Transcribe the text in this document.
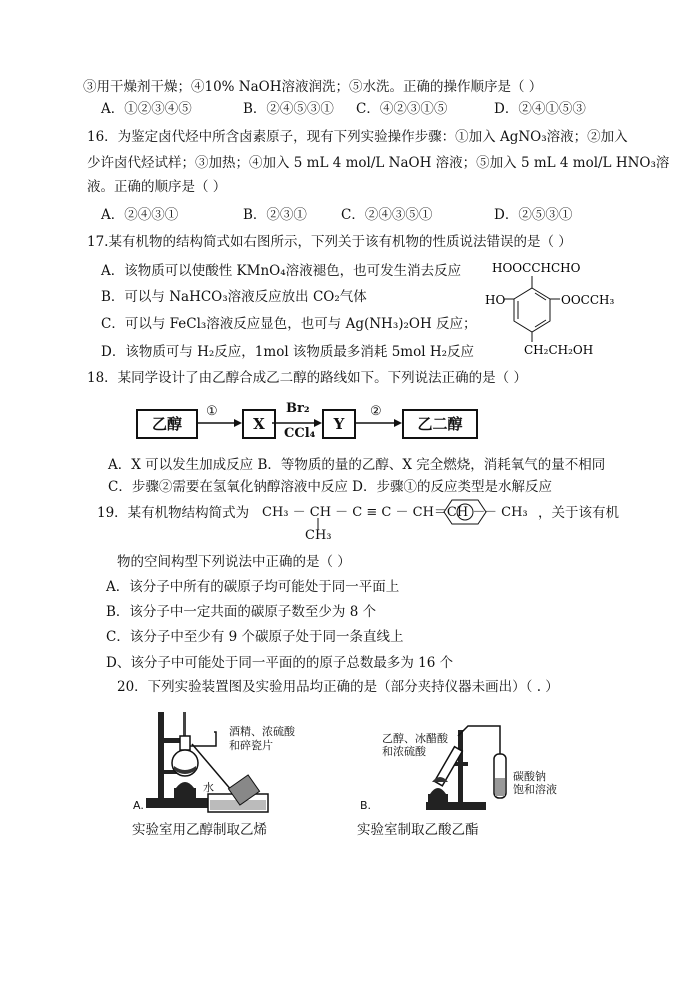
③用干燥剂干燥；④10% NaOH溶液润洗；⑤水洗。正确的操作顺序是（ ）
A．①②③④⑤	B．②④⑤③① C．④②③①⑤	D．②④①⑤③
16．为鉴定卤代烃中所含卤素原子，现有下列实验操作步骤：①加入 AgNO₃溶液；②加入
少许卤代烃试样；③加热；④加入 5 mL 4 mol/L NaOH 溶液；⑤加入 5 mL 4 mol/L HNO₃溶
液。正确的顺序是（ ）
A．②④③①	B．②③①	C．②④③⑤①	D．②⑤③①
17.某有机物的结构简式如右图所示，下列关于该有机物的性质说法错误的是（ ）
A．该物质可以使酸性 KMnO₄溶液褪色，也可发生消去反应
B．可以与 NaHCO₃溶液反应放出 CO₂气体
C．可以与 FeCl₃溶液反应显色，也可与 Ag(NH₃)₂OH 反应；
D．该物质可与 H₂反应，1mol 该物质最多消耗 5mol H₂反应
HOOCCHCHO
HO	OOCCH₃
CH₂CH₂OH
18．某同学设计了由乙醇合成乙二醇的路线如下。下列说法正确的是（ ）
乙醇
①
X
Br₂
CCl₄
Y
②
乙二醇
A．X 可以发生加成反应 B．等物质的量的乙醇、X 完全燃烧，消耗氧气的量不相同
C．步骤②需要在氢氧化钠醇溶液中反应 D．步骤①的反应类型是水解反应
19．某有机物结构简式为 CH₃ － CH － C ≡ C － CH＝CH －
－ CH₃
CH₃
，关于该有机
物的空间构型下列说法中正确的是（ ）
A．该分子中所有的碳原子均可能处于同一平面上
B．该分子中一定共面的碳原子数至少为 8 个
C．该分子中至少有 9 个碳原子处于同一条直线上
D、该分子中可能处于同一平面的的原子总数最多为 16 个
20．下列实验装置图及实验用品均正确的是（部分夹持仪器未画出）（ . ）
酒精、浓硫酸
和碎瓷片
水
A.
实验室用乙醇制取乙烯
乙醇、冰醋酸
和浓硫酸
碳酸钠
饱和溶液
B.
实验室制取乙酸乙酯
